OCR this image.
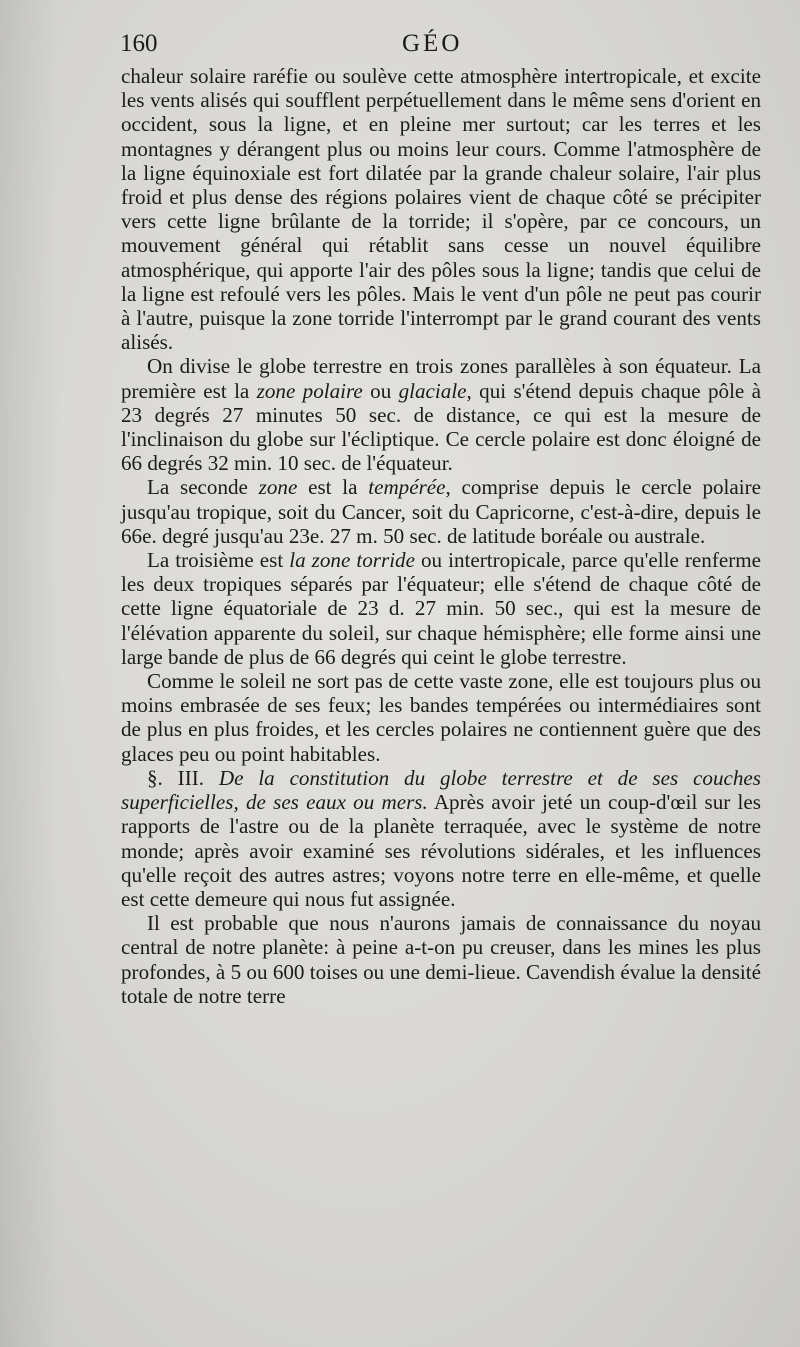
160	GÉO

chaleur solaire raréfie ou soulève cette atmosphère intertropicale, et excite les vents alisés qui soufflent perpétuellement dans le même sens d'orient en occident, sous la ligne, et en pleine mer surtout; car les terres et les montagnes y dérangent plus ou moins leur cours. Comme l'atmosphère de la ligne équinoxiale est fort dilatée par la grande chaleur solaire, l'air plus froid et plus dense des régions polaires vient de chaque côté se précipiter vers cette ligne brûlante de la torride; il s'opère, par ce concours, un mouvement général qui rétablit sans cesse un nouvel équilibre atmosphérique, qui apporte l'air des pôles sous la ligne; tandis que celui de la ligne est refoulé vers les pôles. Mais le vent d'un pôle ne peut pas courir à l'autre, puisque la zone torride l'interrompt par le grand courant des vents alisés.

On divise le globe terrestre en trois zones parallèles à son équateur. La première est la zone polaire ou glaciale, qui s'étend depuis chaque pôle à 23 degrés 27 minutes 50 sec. de distance, ce qui est la mesure de l'inclinaison du globe sur l'écliptique. Ce cercle polaire est donc éloigné de 66 degrés 32 min. 10 sec. de l'équateur.

La seconde zone est la tempérée, comprise depuis le cercle polaire jusqu'au tropique, soit du Cancer, soit du Capricorne, c'est-à-dire, depuis le 66e. degré jusqu'au 23e. 27 m. 50 sec. de latitude boréale ou australe.

La troisième est la zone torride ou intertropicale, parce qu'elle renferme les deux tropiques séparés par l'équateur; elle s'étend de chaque côté de cette ligne équatoriale de 23 d. 27 min. 50 sec., qui est la mesure de l'élévation apparente du soleil, sur chaque hémisphère; elle forme ainsi une large bande de plus de 66 degrés qui ceint le globe terrestre.

Comme le soleil ne sort pas de cette vaste zone, elle est toujours plus ou moins embrasée de ses feux; les bandes tempérées ou intermédiaires sont de plus en plus froides, et les cercles polaires ne contiennent guère que des glaces peu ou point habitables.

§. III. De la constitution du globe terrestre et de ses couches superficielles, de ses eaux ou mers. Après avoir jeté un coup-d'œil sur les rapports de l'astre ou de la planète terraquée, avec le système de notre monde; après avoir examiné ses révolutions sidérales, et les influences qu'elle reçoit des autres astres; voyons notre terre en elle-même, et quelle est cette demeure qui nous fut assignée.

Il est probable que nous n'aurons jamais de connaissance du noyau central de notre planète: à peine a-t-on pu creuser, dans les mines les plus profondes, à 5 ou 600 toises ou une demi-lieue. Cavendish évalue la densité totale de notre terre
